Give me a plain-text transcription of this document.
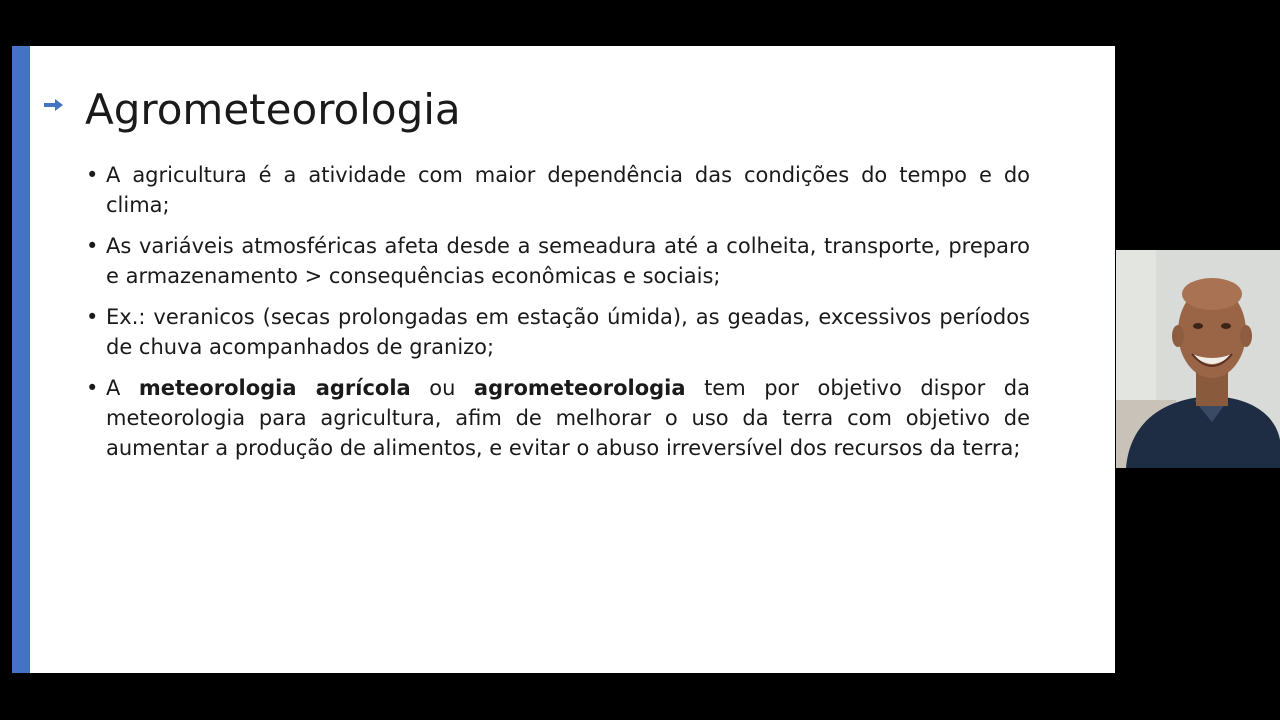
Agrometeorologia
• A agricultura é a atividade com maior dependência das condições do tempo e do clima;
• As variáveis atmosféricas afeta desde a semeadura até a colheita, transporte, preparo e armazenamento > consequências econômicas e sociais;
• Ex.: veranicos (secas prolongadas em estação úmida), as geadas, excessivos períodos de chuva acompanhados de granizo;
• A meteorologia agrícola ou agrometeorologia tem por objetivo dispor da meteorologia para agricultura, afim de melhorar o uso da terra com objetivo de aumentar a produção de alimentos, e evitar o abuso irreversível dos recursos da terra;
